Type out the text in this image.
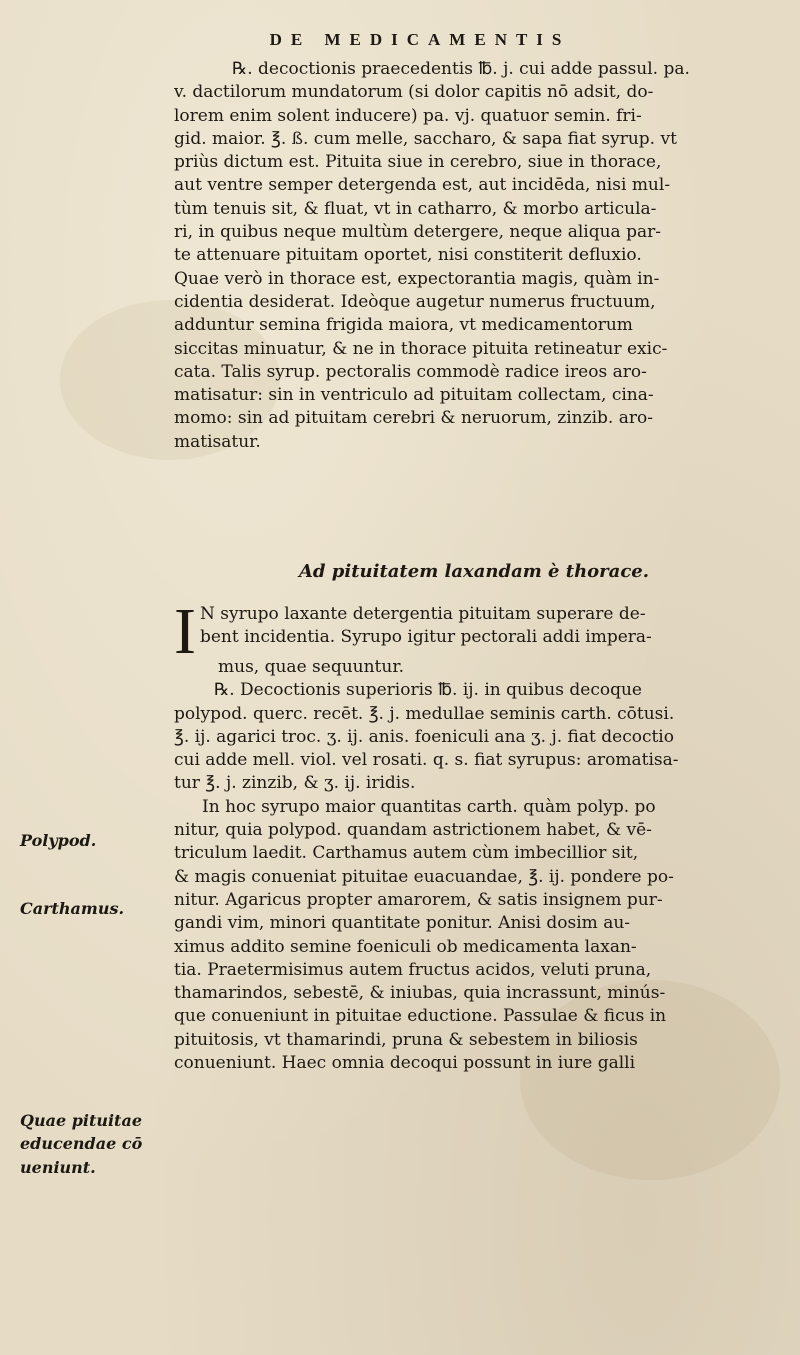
DE MEDICAMENTIS
℞. decoctionis praecedentis ℔. j. cui adde passul. pa.
v. dactilorum mundatorum (si dolor capitis nō adsit, do-
lorem enim solent inducere) pa. vj. quatuor semin. fri-
gid. maior. ℥. ß. cum melle, saccharo, & sapa fiat syrup. vt
priùs dictum est. Pituita siue in cerebro, siue in thorace,
aut ventre semper detergenda est, aut incidēda, nisi mul-
tùm tenuis sit, & fluat, vt in catharro, & morbo articula-
ri, in quibus neque multùm detergere, neque aliqua par-
te attenuare pituitam oportet, nisi constiterit defluxio.
Quae verò in thorace est, expectorantia magis, quàm in-
cidentia desiderat. Ideòque augetur numerus fructuum,
adduntur semina frigida maiora, vt medicamentorum
siccitas minuatur, & ne in thorace pituita retineatur exic-
cata. Talis syrup. pectoralis commodè radice ireos aro-
matisatur: sin in ventriculo ad pituitam collectam, cina-
momo: sin ad pituitam cerebri & neruorum, zinzib. aro-
matisatur.
Ad pituitatem laxandam è thorace.
I N syrupo laxante detergentia pituitam superare de-
bent incidentia. Syrupo igitur pectorali addi impera-
mus, quae sequuntur.
℞. Decoctionis superioris ℔. ij. in quibus decoque
polypod. querc. recēt. ℥. j. medullae seminis carth. cōtusi.
℥. ij. agarici troc. ʒ. ij. anis. foeniculi ana ʒ. j. fiat decoctio
cui adde mell. viol. vel rosati. q. s. fiat syrupus: aromatisa-
tur ℥. j. zinzib, & ʒ. ij. iridis.
In hoc syrupo maior quantitas carth. quàm polyp. po
nitur, quia polypod. quandam astrictionem habet, & vē-
triculum laedit. Carthamus autem cùm imbecillior sit,
& magis conueniat pituitae euacuandae, ℥. ij. pondere po-
nitur. Agaricus propter amarorem, & satis insignem pur-
gandi vim, minori quantitate ponitur. Anisi dosim au-
ximus addito semine foeniculi ob medicamenta laxan-
tia. Praetermisimus autem fructus acidos, veluti pruna,
thamarindos, sebestē, & iniubas, quia incrassunt, minús-
que conueniunt in pituitae eductione. Passulae & ficus in
pituitosis, vt thamarindi, pruna & sebestem in biliosis
conueniunt. Haec omnia decoqui possunt in iure galli
Polypod.
Carthamus.
Quae pituitae
educendae cō
ueniunt.
